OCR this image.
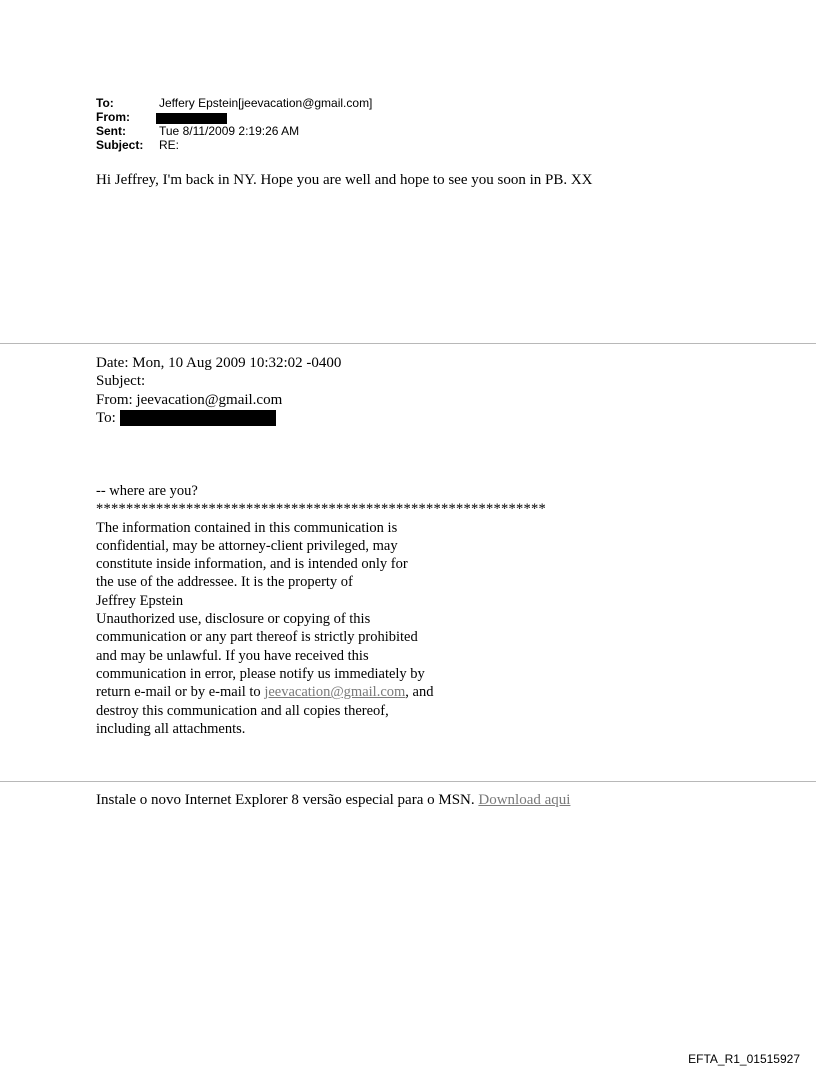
To:	Jeffery Epstein[jeevacation@gmail.com]
From:
Sent:	Tue 8/11/2009 2:19:26 AM
Subject: RE:
Hi Jeffrey, I'm back in NY. Hope you are well and hope to see you soon in PB. XX
Date: Mon, 10 Aug 2009 10:32:02 -0400
Subject:
From: jeevacation@gmail.com
To:
-- where are you?
************************************************************
The information contained in this communication is
confidential, may be attorney-client privileged, may
constitute inside information, and is intended only for
the use of the addressee. It is the property of
Jeffrey Epstein
Unauthorized use, disclosure or copying of this
communication or any part thereof is strictly prohibited
and may be unlawful. If you have received this
communication in error, please notify us immediately by
return e-mail or by e-mail to jeevacation@gmail.com, and
destroy this communication and all copies thereof,
including all attachments.
Instale o novo Internet Explorer 8 versão especial para o MSN. Download aqui
EFTA_R1_01515927
